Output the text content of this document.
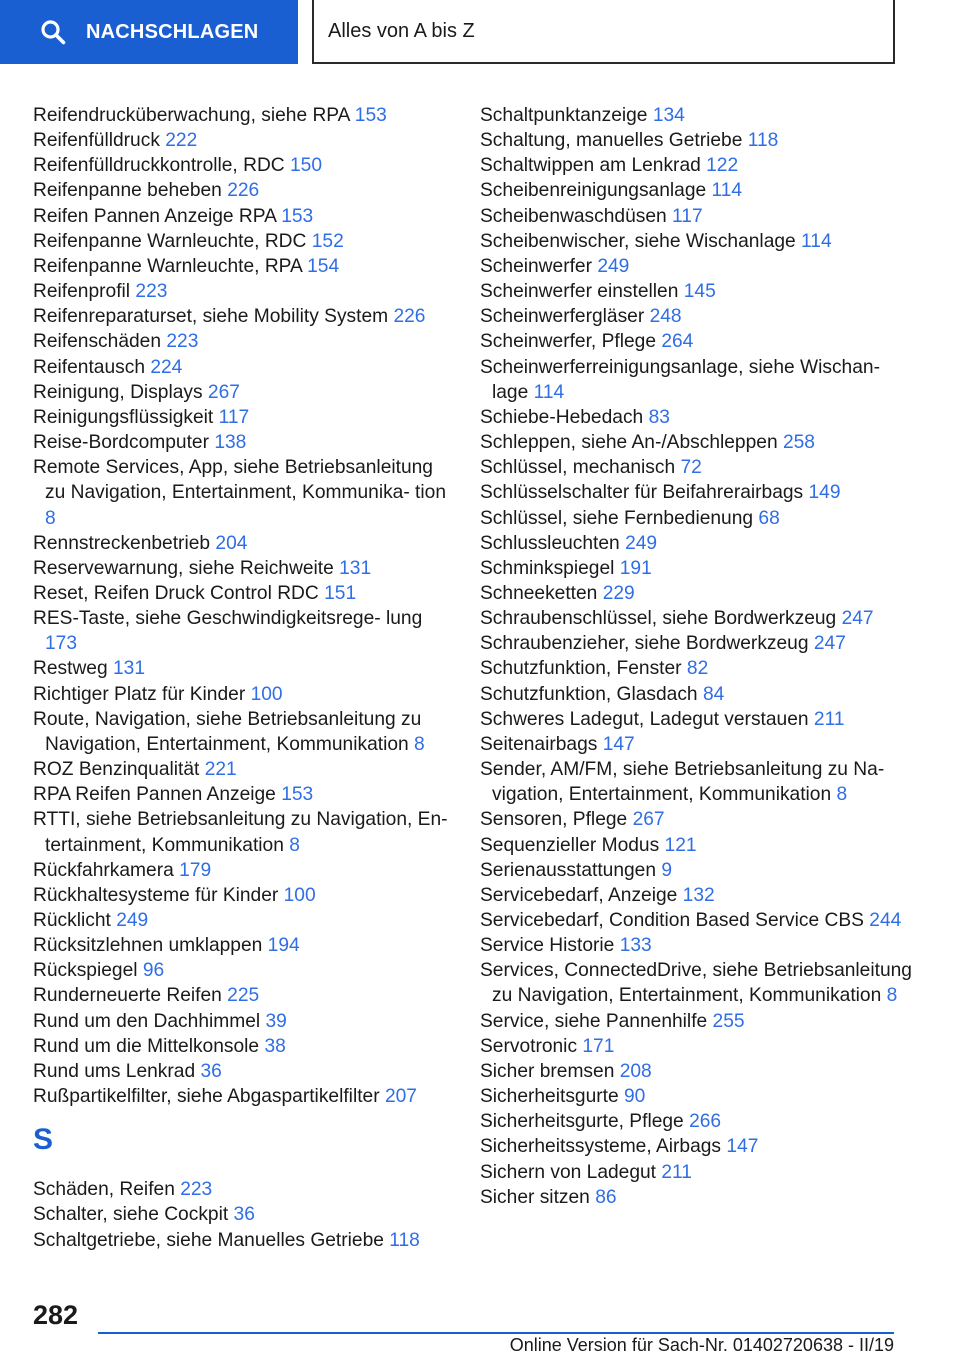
NACHSCHLAGEN	Alles von A bis Z
Reifendrucküberwachung, siehe RPA 153
Reifenfülldruck 222
Reifenfülldruckkontrolle, RDC 150
Reifenpanne beheben 226
Reifen Pannen Anzeige RPA 153
Reifenpanne Warnleuchte, RDC 152
Reifenpanne Warnleuchte, RPA 154
Reifenprofil 223
Reifenreparaturset, siehe Mobility System 226
Reifenschäden 223
Reifentausch 224
Reinigung, Displays 267
Reinigungsflüssigkeit 117
Reise-Bordcomputer 138
Remote Services, App, siehe Betriebsanleitung zu Navigation, Entertainment, Kommunika- tion 8
Rennstreckenbetrieb 204
Reservewarnung, siehe Reichweite 131
Reset, Reifen Druck Control RDC 151
RES-Taste, siehe Geschwindigkeitsrege- lung 173
Restweg 131
Richtiger Platz für Kinder 100
Route, Navigation, siehe Betriebsanleitung zu Navigation, Entertainment, Kommunikation 8
ROZ Benzinqualität 221
RPA Reifen Pannen Anzeige 153
RTTI, siehe Betriebsanleitung zu Navigation, En- tertainment, Kommunikation 8
Rückfahrkamera 179
Rückhaltesysteme für Kinder 100
Rücklicht 249
Rücksitzlehnen umklappen 194
Rückspiegel 96
Runderneuerte Reifen 225
Rund um den Dachhimmel 39
Rund um die Mittelkonsole 38
Rund ums Lenkrad 36
Rußpartikelfilter, siehe Abgaspartikelfilter 207
S
Schäden, Reifen 223
Schalter, siehe Cockpit 36
Schaltgetriebe, siehe Manuelles Getriebe 118
Schaltpunktanzeige 134
Schaltung, manuelles Getriebe 118
Schaltwippen am Lenkrad 122
Scheibenreinigungsanlage 114
Scheibenwaschdüsen 117
Scheibenwischer, siehe Wischanlage 114
Scheinwerfer 249
Scheinwerfer einstellen 145
Scheinwerfergläser 248
Scheinwerfer, Pflege 264
Scheinwerferreinigungsanlage, siehe Wischan- lage 114
Schiebe-Hebedach 83
Schleppen, siehe An-/Abschleppen 258
Schlüssel, mechanisch 72
Schlüsselschalter für Beifahrerairbags 149
Schlüssel, siehe Fernbedienung 68
Schlussleuchten 249
Schminkspiegel 191
Schneeketten 229
Schraubenschlüssel, siehe Bordwerkzeug 247
Schraubenzieher, siehe Bordwerkzeug 247
Schutzfunktion, Fenster 82
Schutzfunktion, Glasdach 84
Schweres Ladegut, Ladegut verstauen 211
Seitenairbags 147
Sender, AM/FM, siehe Betriebsanleitung zu Na- vigation, Entertainment, Kommunikation 8
Sensoren, Pflege 267
Sequenzieller Modus 121
Serienausstattungen 9
Servicebedarf, Anzeige 132
Servicebedarf, Condition Based Service CBS 244
Service Historie 133
Services, ConnectedDrive, siehe Betriebsanleitung zu Navigation, Entertainment, Kommunikation 8
Service, siehe Pannenhilfe 255
Servotronic 171
Sicher bremsen 208
Sicherheitsgurte 90
Sicherheitsgurte, Pflege 266
Sicherheitssysteme, Airbags 147
Sichern von Ladegut 211
Sicher sitzen 86
282
Online Version für Sach-Nr. 01402720638 - II/19
